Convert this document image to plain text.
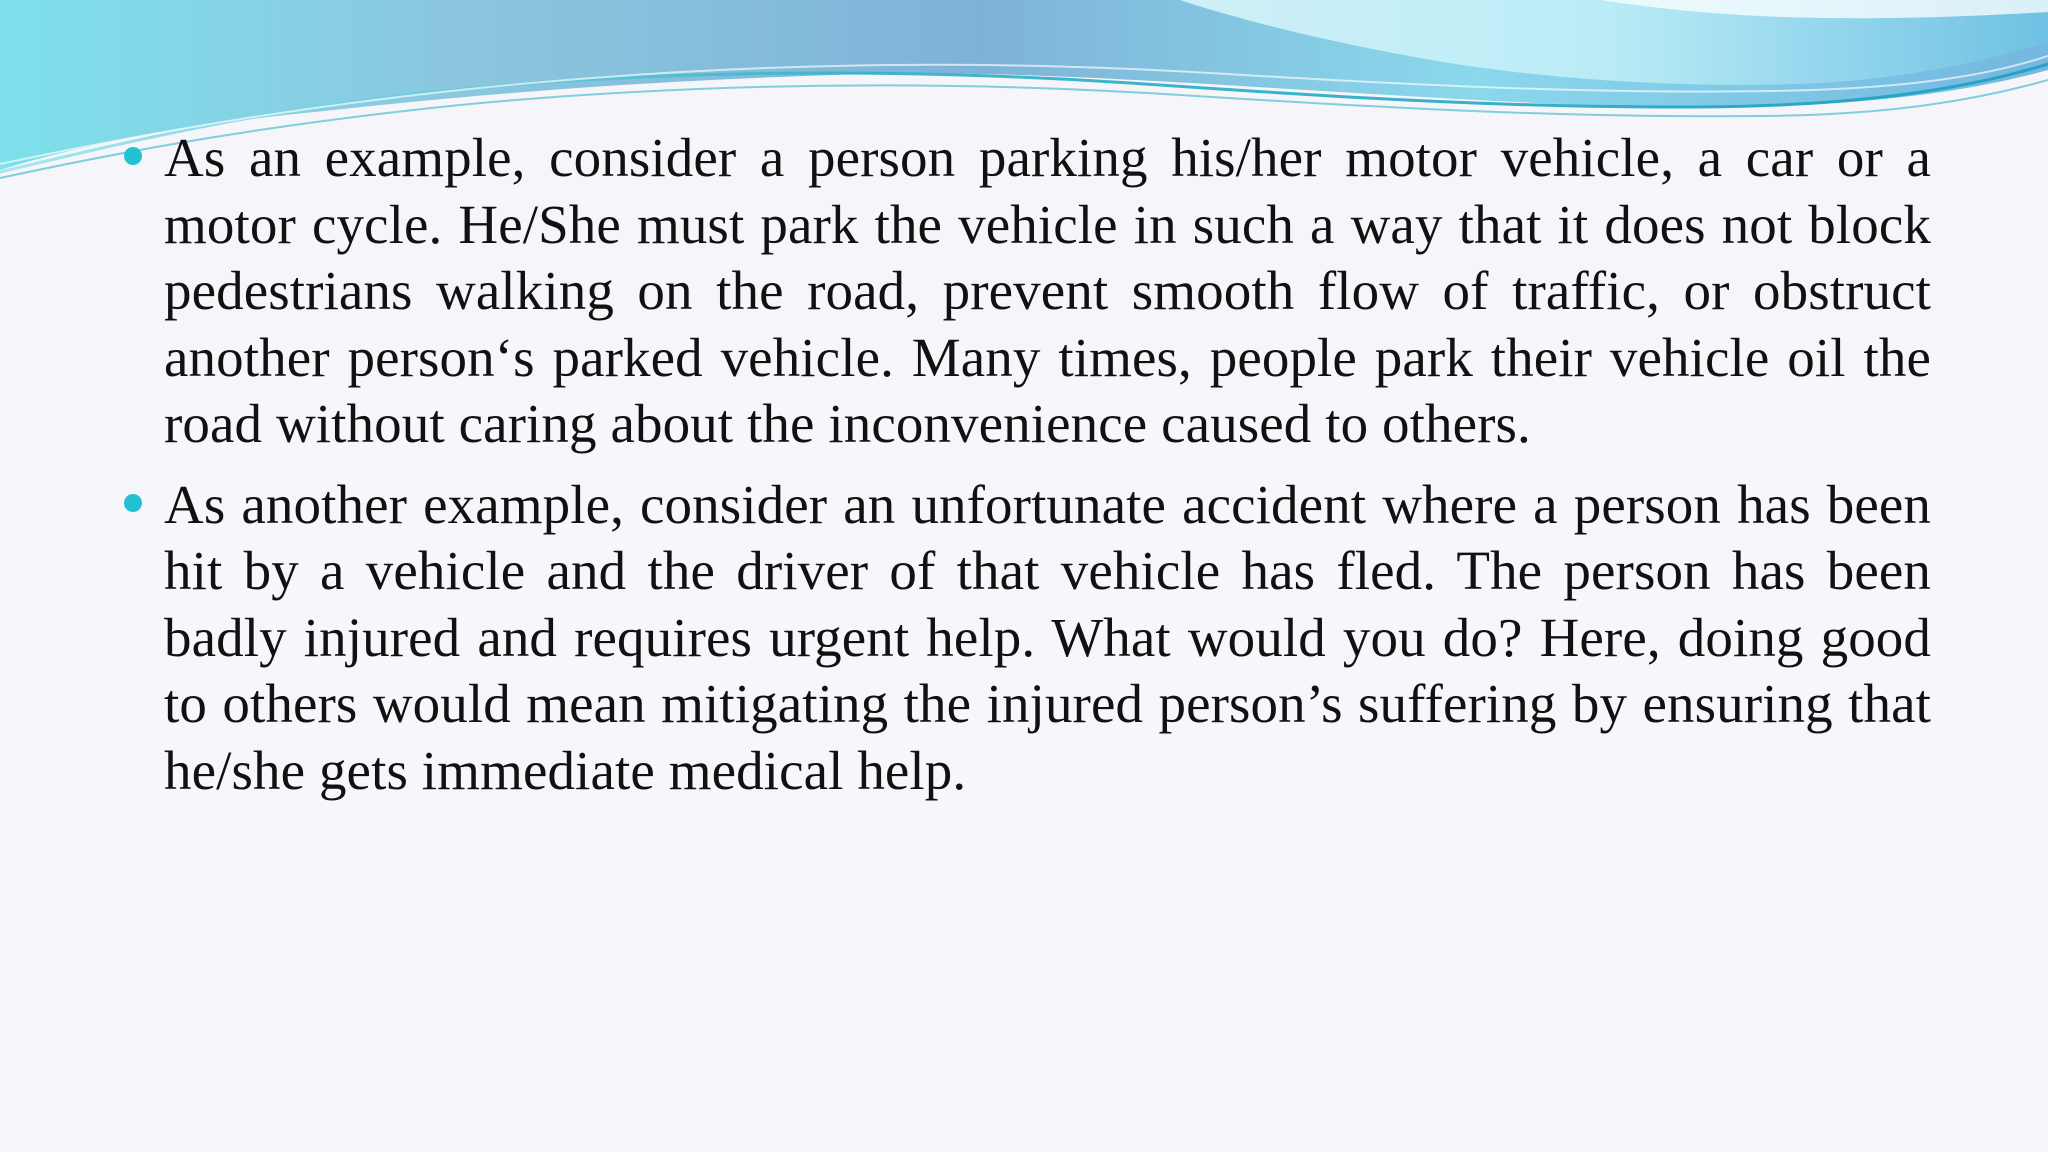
As an example, consider a person parking his/her motor vehicle, a car or a motor cycle. He/She must park the vehicle in such a way that it does not block pedestrians walking on the road, prevent smooth flow of traffic, or obstruct another person‘s parked vehicle. Many times, people park their vehicle oil the road without caring about the inconvenience caused to others.
As another example, consider an unfortunate accident where a person has been hit by a vehicle and the driver of that vehicle has fled. The person has been badly injured and requires urgent help. What would you do? Here, doing good to others would mean mitigating the injured person’s suffering by ensuring that he/she gets immediate medical help.
